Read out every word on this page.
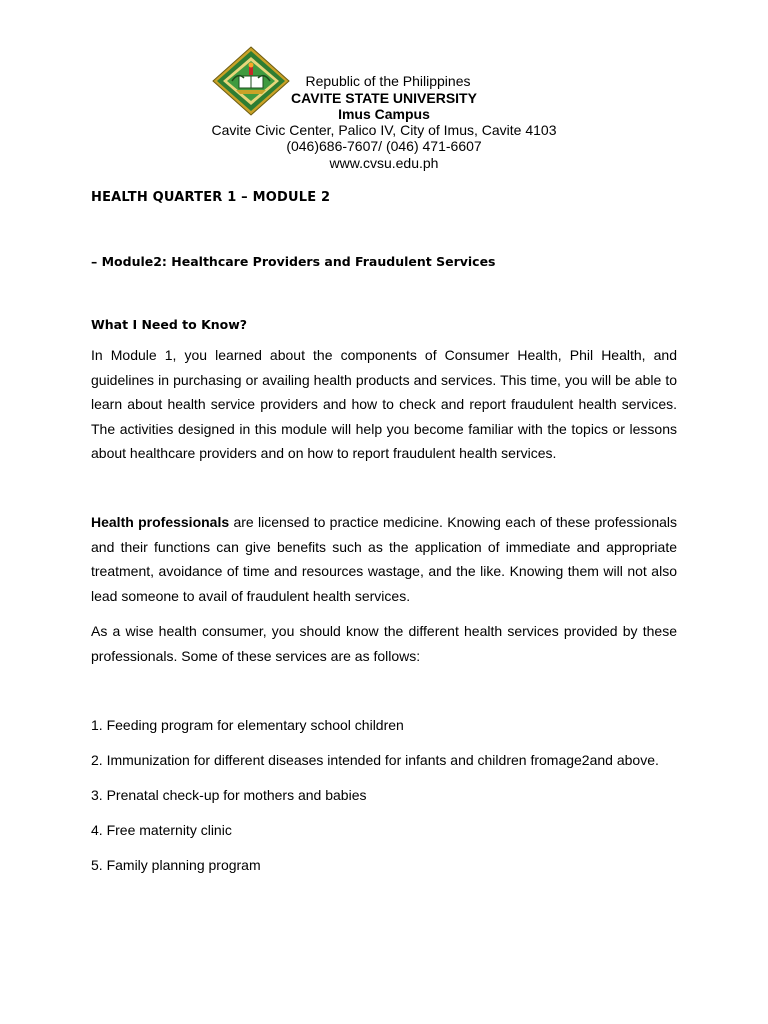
Republic of the Philippines
CAVITE STATE UNIVERSITY
Imus Campus
Cavite Civic Center, Palico IV, City of Imus, Cavite 4103
(046)686-7607/ (046) 471-6607
www.cvsu.edu.ph
HEALTH QUARTER 1 – MODULE 2
– Module2: Healthcare Providers and Fraudulent Services
What I Need to Know?

In Module 1, you learned about the components of Consumer Health, Phil Health, and guidelines in purchasing or availing health products and services. This time, you will be able to learn about health service providers and how to check and report fraudulent health services. The activities designed in this module will help you become familiar with the topics or lessons about healthcare providers and on how to report fraudulent health services.

Health professionals are licensed to practice medicine. Knowing each of these professionals and their functions can give benefits such as the application of immediate and appropriate treatment, avoidance of time and resources wastage, and the like. Knowing them will not also lead someone to avail of fraudulent health services.

As a wise health consumer, you should know the different health services provided by these professionals. Some of these services are as follows:

1. Feeding program for elementary school children
2. Immunization for different diseases intended for infants and children fromage2and above.
3. Prenatal check-up for mothers and babies
4. Free maternity clinic
5. Family planning program
